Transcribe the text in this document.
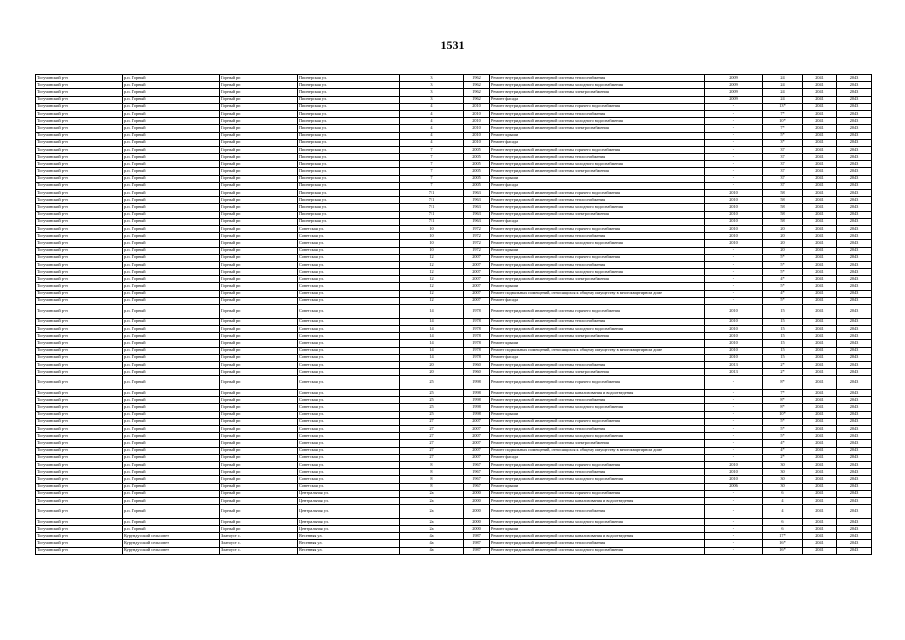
1531
Тогучинский р-н	р.п. Горный	Горный рп	Пионерская ул.	3	1962	Ремонт внутридомовой инженерной системы теплоснабжения	2009	24	2041	2043
Тогучинский р-н	р.п. Горный	Горный рп	Пионерская ул.	3	1962	Ремонт внутридомовой инженерной системы холодного водоснабжения	2009	24	2041	2043
Тогучинский р-н	р.п. Горный	Горный рп	Пионерская ул.	3	1962	Ремонт внутридомовой инженерной системы электроснабжения	2009	24	2041	2043
Тогучинский р-н	р.п. Горный	Горный рп	Пионерская ул.	3	1962	Ремонт фасада	2009	24	2041	2043
Тогучинский р-н	р.п. Горный	Горный рп	Пионерская ул.	4	2010	Ремонт внутридомовой инженерной системы горячего водоснабжения	-	13*	2041	2043
Тогучинский р-н	р.п. Горный	Горный рп	Пионерская ул.	4	2010	Ремонт внутридомовой инженерной системы теплоснабжения	-	7*	2041	2043
Тогучинский р-н	р.п. Горный	Горный рп	Пионерская ул.	4	2010	Ремонт внутридомовой инженерной системы холодного водоснабжения	-	10*	2041	2043
Тогучинский р-н	р.п. Горный	Горный рп	Пионерская ул.	4	2010	Ремонт внутридомовой инженерной системы электроснабжения	-	7*	2041	2043
Тогучинский р-н	р.п. Горный	Горный рп	Пионерская ул.	4	2010	Ремонт крыши	-	5*	2041	2043
Тогучинский р-н	р.п. Горный	Горный рп	Пионерская ул.	4	2010	Ремонт фасада	-	3*	2041	2043
Тогучинский р-н	р.п. Горный	Горный рп	Пионерская ул.	7	2005	Ремонт внутридомовой инженерной системы горячего водоснабжения	-	37	2041	2043
Тогучинский р-н	р.п. Горный	Горный рп	Пионерская ул.	7	2005	Ремонт внутридомовой инженерной системы теплоснабжения	-	37	2041	2043
Тогучинский р-н	р.п. Горный	Горный рп	Пионерская ул.	7	2005	Ремонт внутридомовой инженерной системы холодного водоснабжения	-	37	2041	2043
Тогучинский р-н	р.п. Горный	Горный рп	Пионерская ул.	7	2005	Ремонт внутридомовой инженерной системы электроснабжения	-	37	2041	2043
Тогучинский р-н	р.п. Горный	Горный рп	Пионерская ул.	7	2005	Ремонт крыши	-	37	2041	2043
Тогучинский р-н	р.п. Горный	Горный рп	Пионерская ул.	7	2005	Ремонт фасада	-	37	2041	2043
Тогучинский р-н	р.п. Горный	Горный рп	Пионерская ул.	7/1	1963	Ремонт внутридомовой инженерной системы горячего водоснабжения	2010	58	2041	2043
Тогучинский р-н	р.п. Горный	Горный рп	Пионерская ул.	7/1	1963	Ремонт внутридомовой инженерной системы теплоснабжения	2010	58	2041	2043
Тогучинский р-н	р.п. Горный	Горный рп	Пионерская ул.	7/1	1963	Ремонт внутридомовой инженерной системы холодного водоснабжения	2010	58	2041	2043
Тогучинский р-н	р.п. Горный	Горный рп	Пионерская ул.	7/1	1963	Ремонт внутридомовой инженерной системы электроснабжения	2010	58	2041	2043
Тогучинский р-н	р.п. Горный	Горный рп	Пионерская ул.	7/1	1963	Ремонт фасада	2010	58	2041	2043
Тогучинский р-н	р.п. Горный	Горный рп	Советская ул.	10	1972	Ремонт внутридомовой инженерной системы горячего водоснабжения	2010	20	2041	2043
Тогучинский р-н	р.п. Горный	Горный рп	Советская ул.	10	1972	Ремонт внутридомовой инженерной системы теплоснабжения	2010	20	2041	2043
Тогучинский р-н	р.п. Горный	Горный рп	Советская ул.	10	1972	Ремонт внутридомовой инженерной системы холодного водоснабжения	2010	20	2041	2043
Тогучинский р-н	р.п. Горный	Горный рп	Советская ул.	10	1972	Ремонт крыши	-	20	2041	2043
Тогучинский р-н	р.п. Горный	Горный рп	Советская ул.	12	2007	Ремонт внутридомовой инженерной системы горячего водоснабжения	-	5*	2041	2043
Тогучинский р-н	р.п. Горный	Горный рп	Советская ул.	12	2007	Ремонт внутридомовой инженерной системы теплоснабжения	-	5*	2041	2043
Тогучинский р-н	р.п. Горный	Горный рп	Советская ул.	12	2007	Ремонт внутридомовой инженерной системы холодного водоснабжения	-	5*	2041	2043
Тогучинский р-н	р.п. Горный	Горный рп	Советская ул.	12	2007	Ремонт внутридомовой инженерной системы электроснабжения	-	4*	2041	2043
Тогучинский р-н	р.п. Горный	Горный рп	Советская ул.	12	2007	Ремонт крыши	-	5*	2041	2043
Тогучинский р-н	р.п. Горный	Горный рп	Советская ул.	12	2007	Ремонт подвальных помещений, относящихся к общему имуществу в многоквартирном доме	-	4*	2041	2043
Тогучинский р-н	р.п. Горный	Горный рп	Советская ул.	12	2007	Ремонт фасада	-	5*	2041	2043
Тогучинский р-н	р.п. Горный	Горный рп	Советская ул.	14	1978	Ремонт внутридомовой инженерной системы горячего водоснабжения	2010	15	2041	2043
Тогучинский р-н	р.п. Горный	Горный рп	Советская ул.	14	1978	Ремонт внутридомовой инженерной системы теплоснабжения	2010	15	2041	2043
Тогучинский р-н	р.п. Горный	Горный рп	Советская ул.	14	1978	Ремонт внутридомовой инженерной системы холодного водоснабжения	2010	15	2041	2043
Тогучинский р-н	р.п. Горный	Горный рп	Советская ул.	14	1978	Ремонт внутридомовой инженерной системы электроснабжения	2010	15	2041	2043
Тогучинский р-н	р.п. Горный	Горный рп	Советская ул.	14	1978	Ремонт крыши	2010	15	2041	2043
Тогучинский р-н	р.п. Горный	Горный рп	Советская ул.	14	1978	Ремонт подвальных помещений, относящихся к общему имуществу в многоквартирном доме	2010	15	2041	2043
Тогучинский р-н	р.п. Горный	Горный рп	Советская ул.	14	1978	Ремонт фасада	2010	15	2041	2043
Тогучинский р-н	р.п. Горный	Горный рп	Советская ул.	20	1960	Ремонт внутридомовой инженерной системы теплоснабжения	2013	2*	2041	2043
Тогучинский р-н	р.п. Горный	Горный рп	Советская ул.	20	1960	Ремонт внутридомовой инженерной системы электроснабжения	2013	2*	2041	2043
Тогучинский р-н	р.п. Горный	Горный рп	Советская ул.	25	1998	Ремонт внутридомовой инженерной системы горячего водоснабжения	-	8*	2041	2043
Тогучинский р-н	р.п. Горный	Горный рп	Советская ул.	25	1998	Ремонт внутридомовой инженерной системы канализования и водоотведения	-	7*	2041	2043
Тогучинский р-н	р.п. Горный	Горный рп	Советская ул.	25	1998	Ремонт внутридомовой инженерной системы теплоснабжения	-	8*	2041	2043
Тогучинский р-н	р.п. Горный	Горный рп	Советская ул.	25	1998	Ремонт внутридомовой инженерной системы холодного водоснабжения	-	8*	2041	2043
Тогучинский р-н	р.п. Горный	Горный рп	Советская ул.	25	1998	Ремонт крыши	-	10*	2041	2043
Тогучинский р-н	р.п. Горный	Горный рп	Советская ул.	27	2007	Ремонт внутридомовой инженерной системы горячего водоснабжения	-	5*	2041	2043
Тогучинский р-н	р.п. Горный	Горный рп	Советская ул.	27	2007	Ремонт внутридомовой инженерной системы теплоснабжения	-	5*	2041	2043
Тогучинский р-н	р.п. Горный	Горный рп	Советская ул.	27	2007	Ремонт внутридомовой инженерной системы холодного водоснабжения	-	5*	2041	2043
Тогучинский р-н	р.п. Горный	Горный рп	Советская ул.	27	2007	Ремонт внутридомовой инженерной системы электроснабжения	-	4*	2041	2043
Тогучинский р-н	р.п. Горный	Горный рп	Советская ул.	27	2007	Ремонт подвальных помещений, относящихся к общему имуществу в многоквартирном доме	-	4*	2041	2043
Тогучинский р-н	р.п. Горный	Горный рп	Советская ул.	27	2007	Ремонт фасада	-	2*	2041	2043
Тогучинский р-н	р.п. Горный	Горный рп	Советская ул.	8	1967	Ремонт внутридомовой инженерной системы горячего водоснабжения	2010	30	2041	2043
Тогучинский р-н	р.п. Горный	Горный рп	Советская ул.	8	1967	Ремонт внутридомовой инженерной системы теплоснабжения	2010	30	2041	2043
Тогучинский р-н	р.п. Горный	Горный рп	Советская ул.	8	1967	Ремонт внутридомовой инженерной системы холодного водоснабжения	2010	30	2041	2043
Тогучинский р-н	р.п. Горный	Горный рп	Советская ул.	8	1967	Ремонт крыши	2006	30	2041	2043
Тогучинский р-н	р.п. Горный	Горный рп	Центральная ул.	2а	2000	Ремонт внутридомовой инженерной системы горячего водоснабжения	-	6	2041	2043
Тогучинский р-н	р.п. Горный	Горный рп	Центральная ул.	2а	2000	Ремонт внутридомовой инженерной системы канализования и водоотведения	-	4	2041	2043
Тогучинский р-н	р.п. Горный	Горный рп	Центральная ул.	2а	2000	Ремонт внутридомовой инженерной системы теплоснабжения	-	4	2041	2043
Тогучинский р-н	р.п. Горный	Горный рп	Центральная ул.	2а	2000	Ремонт внутридомовой инженерной системы холодного водоснабжения	-	6	2041	2043
Тогучинский р-н	р.п. Горный	Горный рп	Центральная ул.	2а	2000	Ремонт крыши	-	6	2041	2043
Тогучинский р-н	Курундусский сельсовет	Златоуст с.	Весенняя ул.	4а	1987	Ремонт внутридомовой инженерной системы канализования и водоотведения	-	17*	2041	2043
Тогучинский р-н	Курундусский сельсовет	Златоуст с.	Весенняя ул.	4а	1987	Ремонт внутридомовой инженерной системы теплоснабжения	-	16*	2041	2043
Тогучинский р-н	Курундусский сельсовет	Златоуст с.	Весенняя ул.	4а	1987	Ремонт внутридомовой инженерной системы холодного водоснабжения	-	16*	2041	2043
